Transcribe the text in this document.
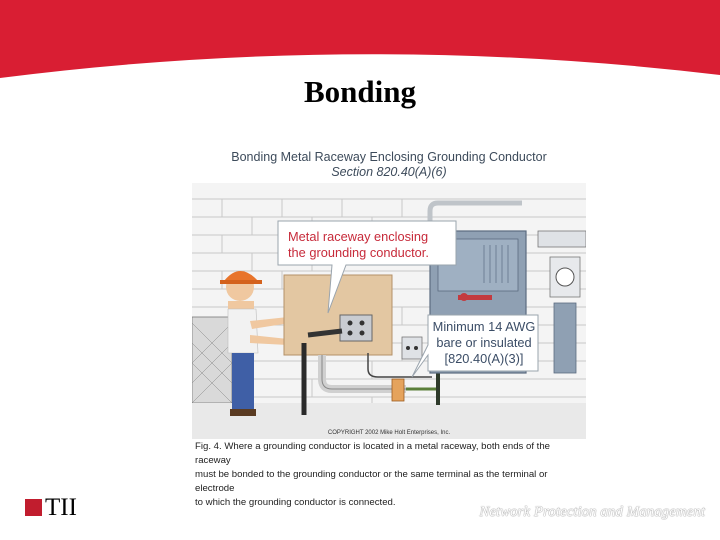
Bonding
Bonding Metal Raceway Enclosing Grounding Conductor
Section 820.40(A)(6)
Metal raceway enclosing
the grounding conductor.
Minimum 14 AWG
bare or insulated
[820.40(A)(3)]
COPYRIGHT 2002 Mike Holt Enterprises, Inc.
Fig. 4. Where a grounding conductor is located in a metal raceway, both ends of the raceway
must be bonded to the grounding conductor or the same terminal as the terminal or electrode
to which the grounding conductor is connected.
TII	Network Protection and Management
